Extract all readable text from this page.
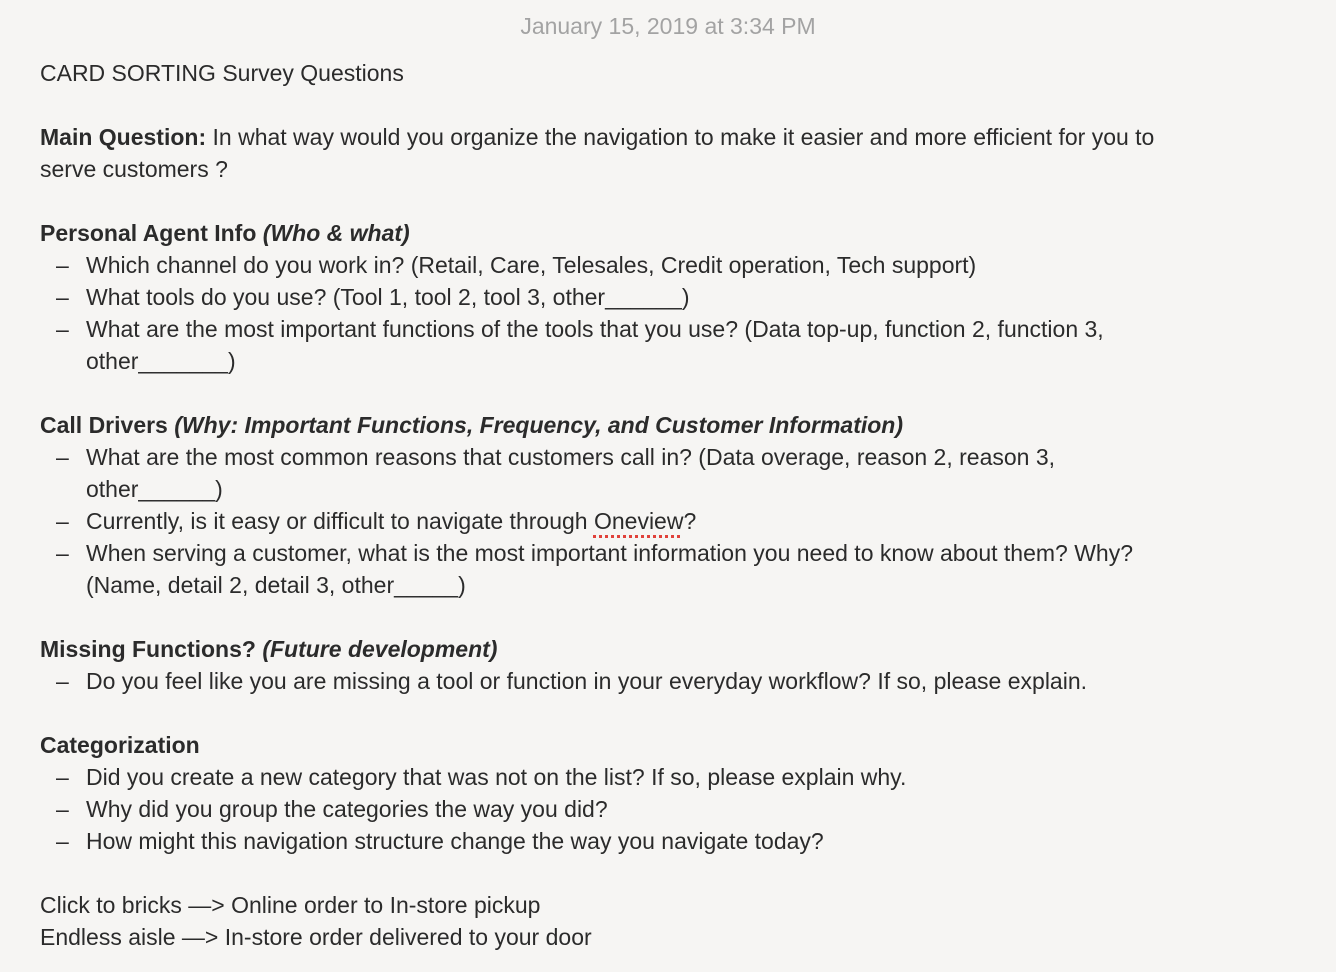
January 15, 2019 at 3:34 PM
CARD SORTING Survey Questions
Main Question: In what way would you organize the navigation to make it easier and more efficient for you to
serve customers ?
Personal Agent Info (Who & what)
– Which channel do you work in? (Retail, Care, Telesales, Credit operation, Tech support)
– What tools do you use? (Tool 1, tool 2, tool 3, other______)
– What are the most important functions of the tools that you use? (Data top-up, function 2, function 3,
other_______)
Call Drivers (Why: Important Functions, Frequency, and Customer Information)
– What are the most common reasons that customers call in? (Data overage, reason 2, reason 3,
other______)
– Currently, is it easy or difficult to navigate through Oneview?
– When serving a customer, what is the most important information you need to know about them? Why?
(Name, detail 2, detail 3, other_____)
Missing Functions? (Future development)
– Do you feel like you are missing a tool or function in your everyday workflow? If so, please explain.
Categorization
– Did you create a new category that was not on the list? If so, please explain why.
– Why did you group the categories the way you did?
– How might this navigation structure change the way you navigate today?
Click to bricks —> Online order to In-store pickup
Endless aisle —> In-store order delivered to your door
